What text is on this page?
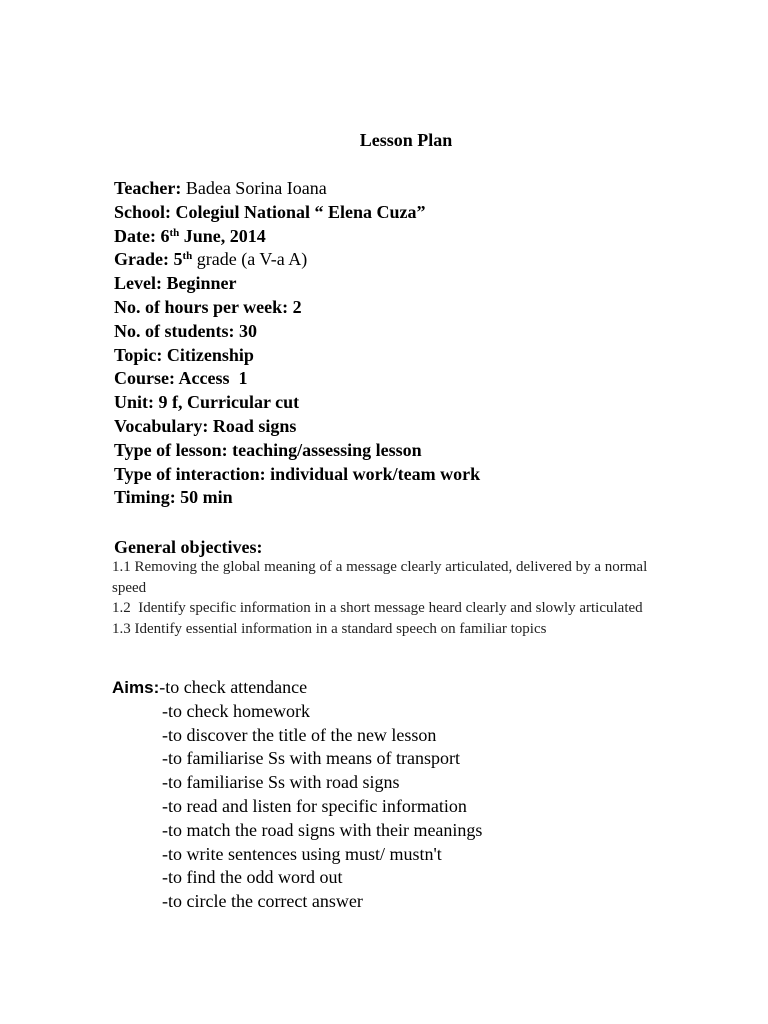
Lesson Plan
Teacher: Badea Sorina Ioana
School: Colegiul National “ Elena Cuza”
Date: 6th June, 2014
Grade: 5th grade (a V-a A)
Level: Beginner
No. of hours per week: 2
No. of students: 30
Topic: Citizenship
Course: Access  1
Unit: 9 f, Curricular cut
Vocabulary: Road signs
Type of lesson: teaching/assessing lesson
Type of interaction: individual work/team work
Timing: 50 min
General objectives:
1.1 Removing the global meaning of a message clearly articulated, delivered by a normal speed
1.2  Identify specific information in a short message heard clearly and slowly articulated
1.3 Identify essential information in a standard speech on familiar topics
Aims:-to check attendance
-to check homework
-to discover the title of the new lesson
-to familiarise Ss with means of transport
-to familiarise Ss with road signs
-to read and listen for specific information
-to match the road signs with their meanings
-to write sentences using must/ mustn't
-to find the odd word out
-to circle the correct answer
